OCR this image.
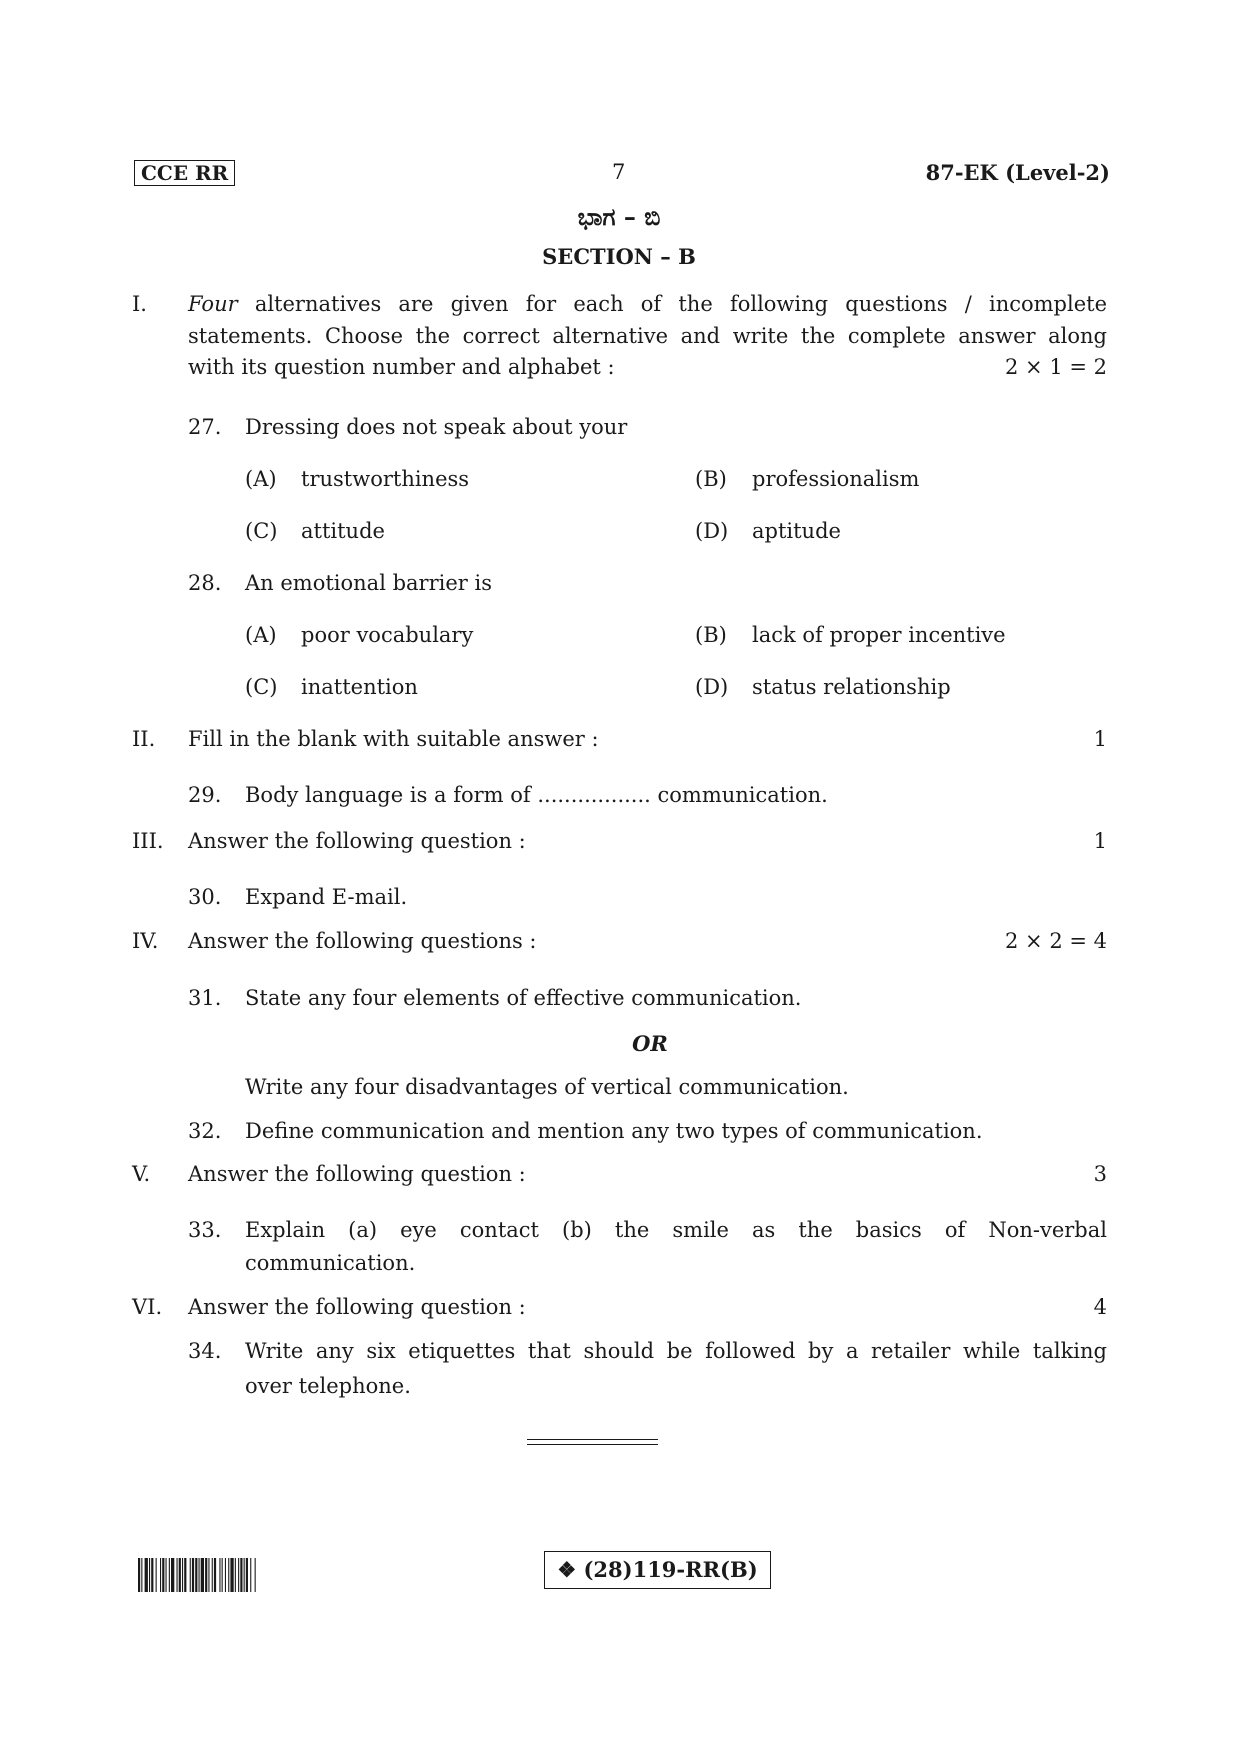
CCE RR	7	87-EK (Level-2)
ಭಾಗ – ಬಿ
SECTION – B
I. Four alternatives are given for each of the following questions / incomplete
statements. Choose the correct alternative and write the complete answer along
with its question number and alphabet :	2 × 1 = 2
27. Dressing does not speak about your
(A) trustworthiness	(B) professionalism
(C) attitude	(D) aptitude
28. An emotional barrier is
(A) poor vocabulary	(B) lack of proper incentive
(C) inattention	(D) status relationship
II. Fill in the blank with suitable answer :	1
29. Body language is a form of ................. communication.
III. Answer the following question :	1
30. Expand E-mail.
IV. Answer the following questions :	2 × 2 = 4
31. State any four elements of effective communication.
OR
Write any four disadvantages of vertical communication.
32. Define communication and mention any two types of communication.
V. Answer the following question :	3
33. Explain (a) eye contact (b) the smile as the basics of Non-verbal
communication.
VI. Answer the following question :	4
34. Write any six etiquettes that should be followed by a retailer while talking
over telephone.
❖ (28)119-RR(B)
